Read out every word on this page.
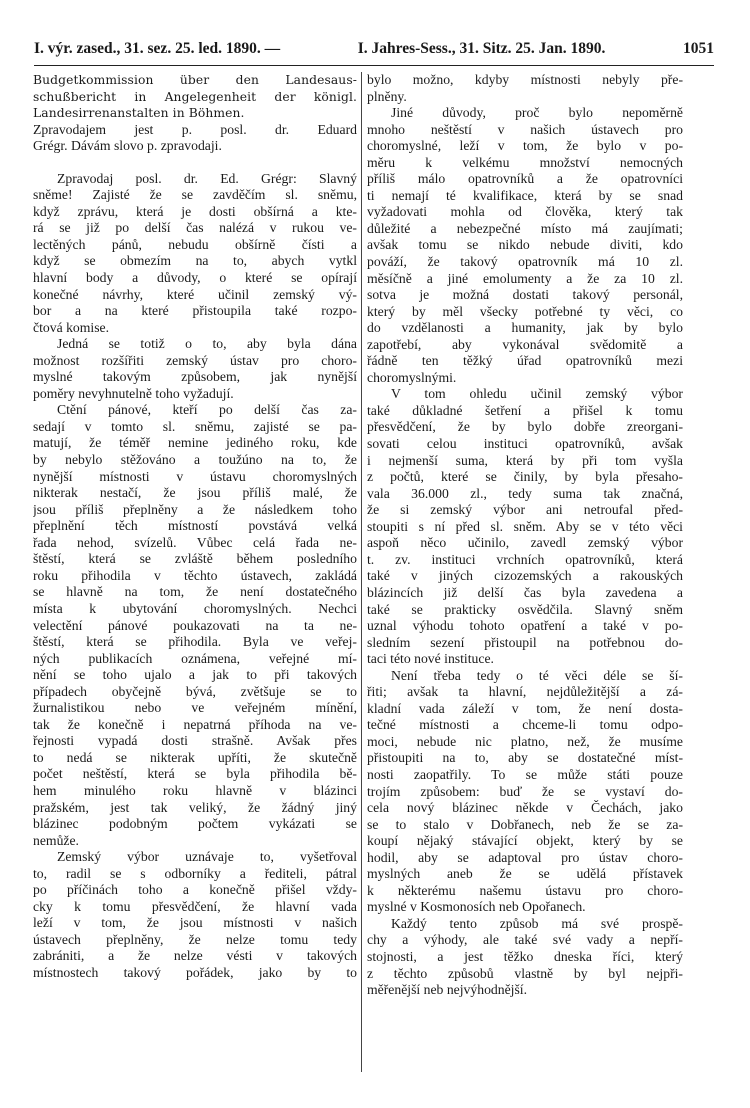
I. výr. zased., 31. sez. 25. led. 1890. —	I. Jahres-Sess., 31. Sitz. 25. Jan. 1890.	1051
Budgetkommission über den Landesaus-
schußbericht in Angelegenheit der königl.
Landesirrenanstalten in Böhmen.
Zpravodajem jest p. posl. dr. Eduard
Grégr. Dávám slovo p. zpravodaji.
Zpravodaj posl. dr. Ed. Grégr: Slavný
sněme! Zajisté že se zavděčím sl. sněmu,
když zprávu, která je dosti obšírná a kte-
rá se již po delší čas nalézá v rukou ve-
lectěných pánů, nebudu obšírně čísti a
když se obmezím na to, abych vytkl
hlavní body a důvody, o které se opírají
konečné návrhy, které učinil zemský vý-
bor a na které přistoupila také rozpo-
čtová komise.
Jedná se totiž o to, aby byla dána
možnost rozšířiti zemský ústav pro choro-
myslné takovým způsobem, jak nynější
poměry nevyhnutelně toho vyžadují.
Ctění pánové, kteří po delší čas za-
sedají v tomto sl. sněmu, zajisté se pa-
matují, že téměř nemine jediného roku, kde
by nebylo stěžováno a toužúno na to, že
nynější místnosti v ústavu choromyslných
nikterak nestačí, že jsou příliš malé, že
jsou příliš přeplněny a že následkem toho
přeplnění těch místností povstává velká
řada nehod, svízelů. Vůbec celá řada ne-
štěstí, která se zvláště během posledního
roku přihodila v těchto ústavech, zakládá
se hlavně na tom, že není dostatečného
místa k ubytování choromyslných. Nechci
velectění pánové poukazovati na ta ne-
štěstí, která se přihodila. Byla ve veřej-
ných publikacích oznámena, veřejné mí-
nění se toho ujalo a jak to při takových
případech obyčejně bývá, zvětšuje se to
žurnalistikou nebo ve veřejném mínění,
tak že konečně i nepatrná příhoda na ve-
řejnosti vypadá dosti strašně. Avšak přes
to nedá se nikterak upříti, že skutečně
počet neštěstí, která se byla přihodila bě-
hem minulého roku hlavně v blázinci
pražském, jest tak veliký, že žádný jiný
blázinec podobným počtem vykázati se
nemůže.
Zemský výbor uznávaje to, vyšetřoval
to, radil se s odborníky a řediteli, pátral
po příčinách toho a konečně přišel vždy-
cky k tomu přesvědčení, že hlavní vada
leží v tom, že jsou místnosti v našich
ústavech přeplněny, že nelze tomu tedy
zabrániti, a že nelze vésti v takových
místnostech takový pořádek, jako by to
bylo možno, kdyby místnosti nebyly pře-
plněny.
Jiné důvody, proč bylo nepoměrně
mnoho neštěstí v našich ústavech pro
choromyslné, leží v tom, že bylo v po-
měru k velkému množství nemocných
příliš málo opatrovníků a že opatrovníci
ti nemají té kvalifikace, která by se snad
vyžadovati mohla od člověka, který tak
důležité a nebezpečné místo má zaujímati;
avšak tomu se nikdo nebude diviti, kdo
pováží, že takový opatrovník má 10 zl.
měsíčně a jiné emolumenty a že za 10 zl.
sotva je možná dostati takový personál,
který by měl všecky potřebné ty věci, co
do vzdělanosti a humanity, jak by bylo
zapotřebí, aby vykonával svědomitě a
řádně ten těžký úřad opatrovníků mezi
choromyslnými.
V tom ohledu učinil zemský výbor
také důkladné šetření a přišel k tomu
přesvědčení, že by bylo dobře zreorgani-
sovati celou instituci opatrovníků, avšak
i nejmenší suma, která by při tom vyšla
z počtů, které se činily, by byla přesaho-
vala 36.000 zl., tedy suma tak značná,
že si zemský výbor ani netroufal před-
stoupiti s ní před sl. sněm. Aby se v této věci
aspoň něco učinilo, zavedl zemský výbor
t. zv. instituci vrchních opatrovníků, která
také v jiných cizozemských a rakouských
blázincích již delší čas byla zavedena a
také se prakticky osvědčila. Slavný sněm
uznal výhodu tohoto opatření a také v po-
sledním sezení přistoupil na potřebnou do-
taci této nové instituce.
Není třeba tedy o té věci déle se ší-
řiti; avšak ta hlavní, nejdůležitější a zá-
kladní vada záleží v tom, že není dosta-
tečné místnosti a chceme-li tomu odpo-
moci, nebude nic platno, než, že musíme
přistoupiti na to, aby se dostatečné míst-
nosti zaopatřily. To se může státi pouze
trojím způsobem: buď že se vystaví do-
cela nový blázinec někde v Čechách, jako
se to stalo v Dobřanech, neb že se za-
koupí nějaký stávající objekt, který by se
hodil, aby se adaptoval pro ústav choro-
myslných aneb že se udělá přístavek
k některému našemu ústavu pro choro-
myslné v Kosmonosích neb Opořanech.
Každý tento způsob má své prospě-
chy a výhody, ale také své vady a nepří-
stojnosti, a jest těžko dneska říci, který
z těchto způsobů vlastně by byl nejpři-
měřenější neb nejvýhodnější.
